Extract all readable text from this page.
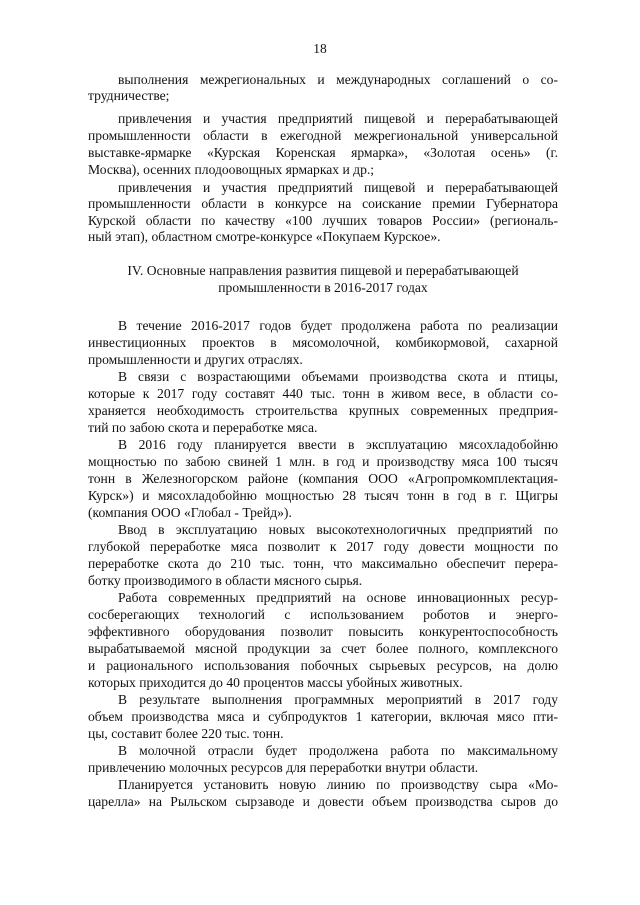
18
выполнения межрегиональных и международных соглашений о со-
трудничестве;
привлечения и участия предприятий пищевой и перерабатывающей
промышленности области в ежегодной межрегиональной универсальной
выставке-ярмарке «Курская Коренская ярмарка», «Золотая осень» (г.
Москва), осенних плодоовощных ярмарках и др.;
привлечения и участия предприятий пищевой и перерабатывающей
промышленности области в конкурсе на соискание премии Губернатора
Курской области по качеству «100 лучших товаров России» (региональ-
ный этап), областном смотре-конкурсе «Покупаем Курское».
IV. Основные направления развития пищевой и перерабатывающей
промышленности в 2016-2017 годах
В течение 2016-2017 годов будет продолжена работа по реализации
инвестиционных проектов в мясомолочной, комбикормовой, сахарной
промышленности и других отраслях.
В связи с возрастающими объемами производства скота и птицы,
которые к 2017 году составят 440 тыс. тонн в живом весе, в области со-
храняется необходимость строительства крупных современных предприя-
тий по забою скота и переработке мяса.
В 2016 году планируется ввести в эксплуатацию мясохладобойню
мощностью по забою свиней 1 млн. в год и производству мяса 100 тысяч
тонн в Железногорском районе (компания ООО «Агропромкомплектация-
Курск») и мясохладобойню мощностью 28 тысяч тонн в год в г. Щигры
(компания ООО «Глобал - Трейд»).
Ввод в эксплуатацию новых высокотехнологичных предприятий по
глубокой переработке мяса позволит к 2017 году довести мощности по
переработке скота до 210 тыс. тонн, что максимально обеспечит перера-
ботку производимого в области мясного сырья.
Работа современных предприятий на основе инновационных ресур-
сосберегающих технологий с использованием роботов и энерго-
эффективного оборудования позволит повысить конкурентоспособность
вырабатываемой мясной продукции за счет более полного, комплексного
и рационального использования побочных сырьевых ресурсов, на долю
которых приходится до 40 процентов массы убойных животных.
В результате выполнения программных мероприятий в 2017 году
объем производства мяса и субпродуктов 1 категории, включая мясо пти-
цы, составит более 220 тыс. тонн.
В молочной отрасли будет продолжена работа по максимальному
привлечению молочных ресурсов для переработки внутри области.
Планируется установить новую линию по производству сыра «Мо-
царелла» на Рыльском сырзаводе и довести объем производства сыров до
